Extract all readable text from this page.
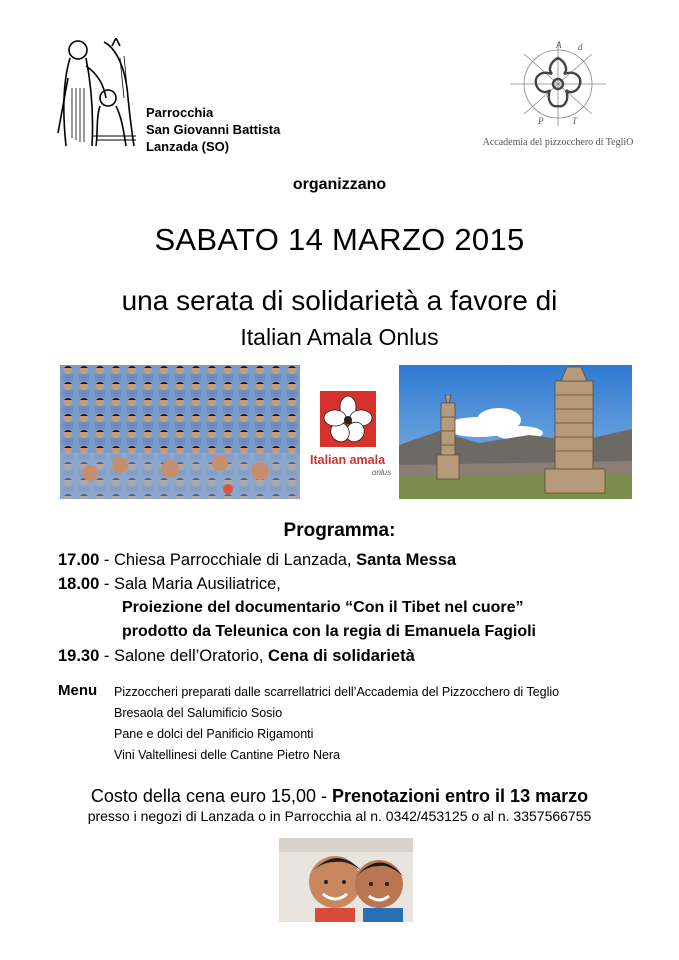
Parrocchia
San Giovanni Battista
Lanzada (SO)
A d
P	T
Accademia del pizzocchero di TegliO
organizzano
SABATO 14 MARZO 2015
una serata di solidarietà a favore di
Italian Amala Onlus
Italian amala
onlus
Programma:
17.00 - Chiesa Parrocchiale di Lanzada, Santa Messa
18.00 - Sala Maria Ausiliatrice,
Proiezione del documentario “Con il Tibet nel cuore”
prodotto da Teleunica con la regia di Emanuela Fagioli
19.30 - Salone dell’Oratorio, Cena di solidarietà
Menu Pizzoccheri preparati dalle scarrellatrici dell’Accademia del Pizzocchero di Teglio
Bresaola del Salumificio Sosio
Pane e dolci del Panificio Rigamonti
Vini Valtellinesi delle Cantine Pietro Nera
Costo della cena euro 15,00 - Prenotazioni entro il 13 marzo
presso i negozi di Lanzada o in Parrocchia al n. 0342/453125 o al n. 3357566755
